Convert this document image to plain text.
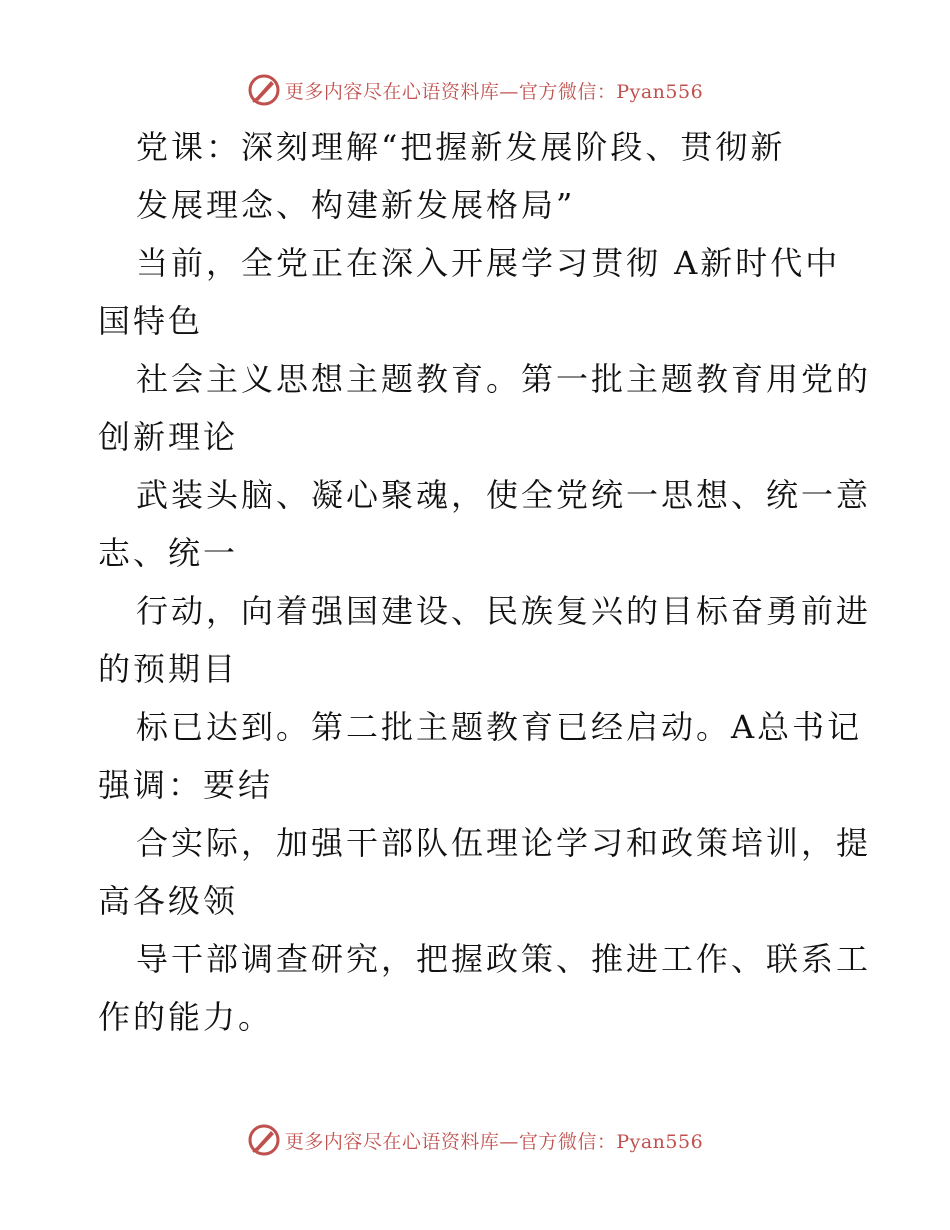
更多内容尽在心语资料库—官方微信：Pyan556
党课：深刻理解“把握新发展阶段、贯彻新
发展理念、构建新发展格局”
当前，全党正在深入开展学习贯彻 A新时代中
国特色
社会主义思想主题教育。第一批主题教育用党的
创新理论
武装头脑、凝心聚魂，使全党统一思想、统一意
志、统一
行动，向着强国建设、民族复兴的目标奋勇前进
的预期目
标已达到。第二批主题教育已经启动。A总书记
强调：要结
合实际，加强干部队伍理论学习和政策培训，提
高各级领
导干部调查研究，把握政策、推进工作、联系工
作的能力。
更多内容尽在心语资料库—官方微信：Pyan556
